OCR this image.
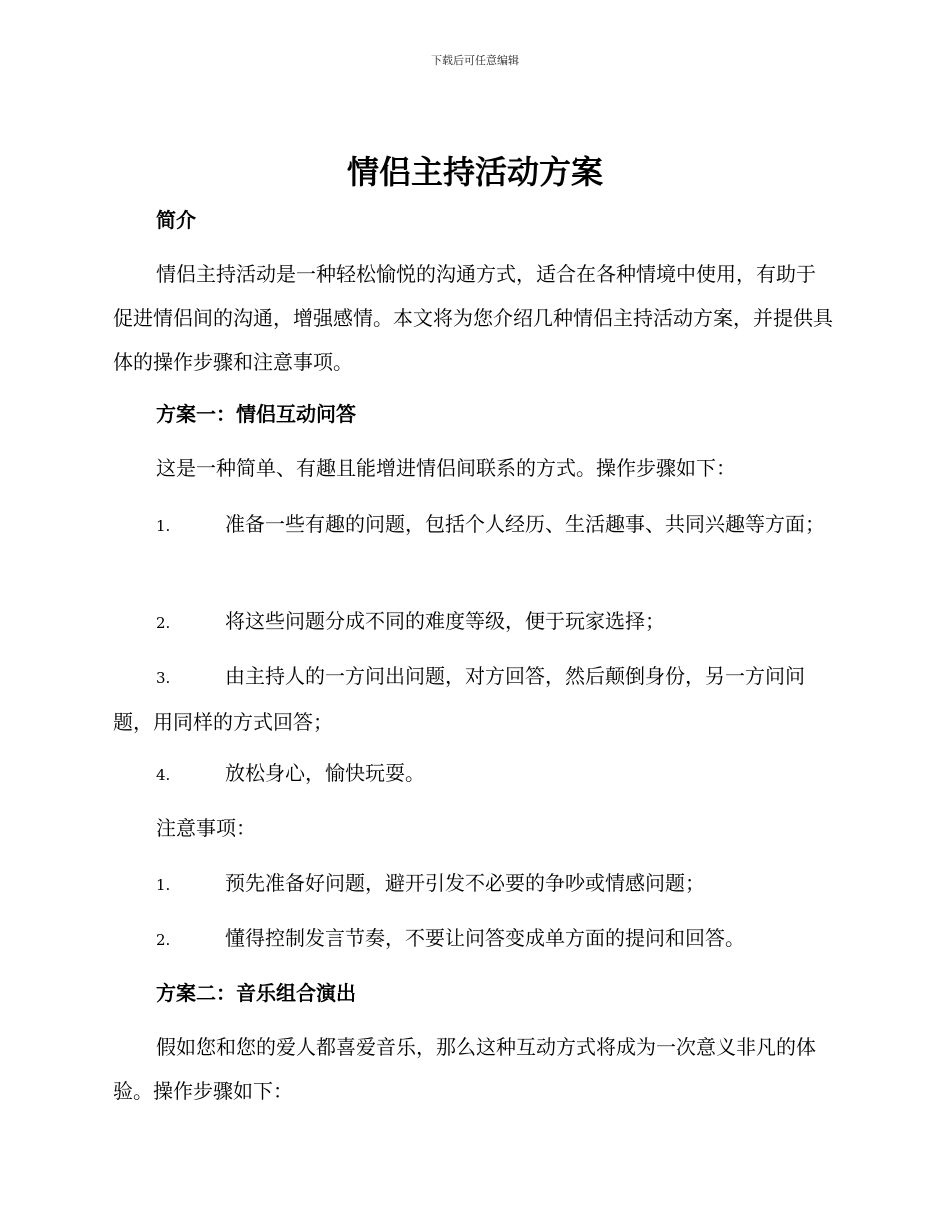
下载后可任意编辑
情侣主持活动方案
简介

情侣主持活动是一种轻松愉悦的沟通方式，适合在各种情境中使用，有助于促进情侣间的沟通，增强感情。本文将为您介绍几种情侣主持活动方案，并提供具体的操作步骤和注意事项。

方案一：情侣互动问答

这是一种简单、有趣且能增进情侣间联系的方式。操作步骤如下：

1.	准备一些有趣的问题，包括个人经历、生活趣事、共同兴趣等方面；

2.	将这些问题分成不同的难度等级，便于玩家选择；

3.	由主持人的一方问出问题，对方回答，然后颠倒身份，另一方问问题，用同样的方式回答；

4.	放松身心，愉快玩耍。

注意事项：

1.	预先准备好问题，避开引发不必要的争吵或情感问题；

2.	懂得控制发言节奏，不要让问答变成单方面的提问和回答。

方案二：音乐组合演出

假如您和您的爱人都喜爱音乐，那么这种互动方式将成为一次意义非凡的体验。操作步骤如下：
